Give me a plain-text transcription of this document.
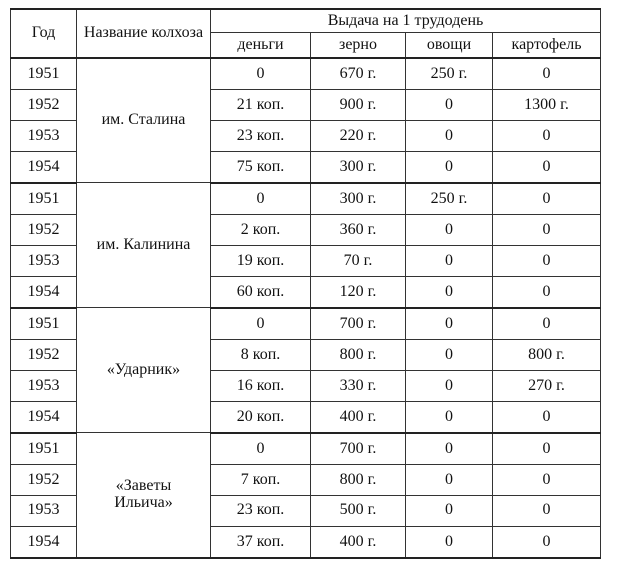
Год	Название колхоза	Выдача на 1 трудодень			
		деньги	зерно	овощи	картофель
1951	им. Сталина	0	670 г.	250 г.	0
1952		21 коп.	900 г.	0	1300 г.
1953		23 коп.	220 г.	0	0
1954		75 коп.	300 г.	0	0
1951	им. Калинина	0	300 г.	250 г.	0
1952		2 коп.	360 г.	0	0
1953		19 коп.	70 г.	0	0
1954		60 коп.	120 г.	0	0
1951	«Ударник»	0	700 г.	0	0
1952		8 коп.	800 г.	0	800 г.
1953		16 коп.	330 г.	0	270 г.
1954		20 коп.	400 г.	0	0
1951	«Заветы
Ильича»	0	700 г.	0	0
1952		7 коп.	800 г.	0	0
1953		23 коп.	500 г.	0	0
1954		37 коп.	400 г.	0	0
